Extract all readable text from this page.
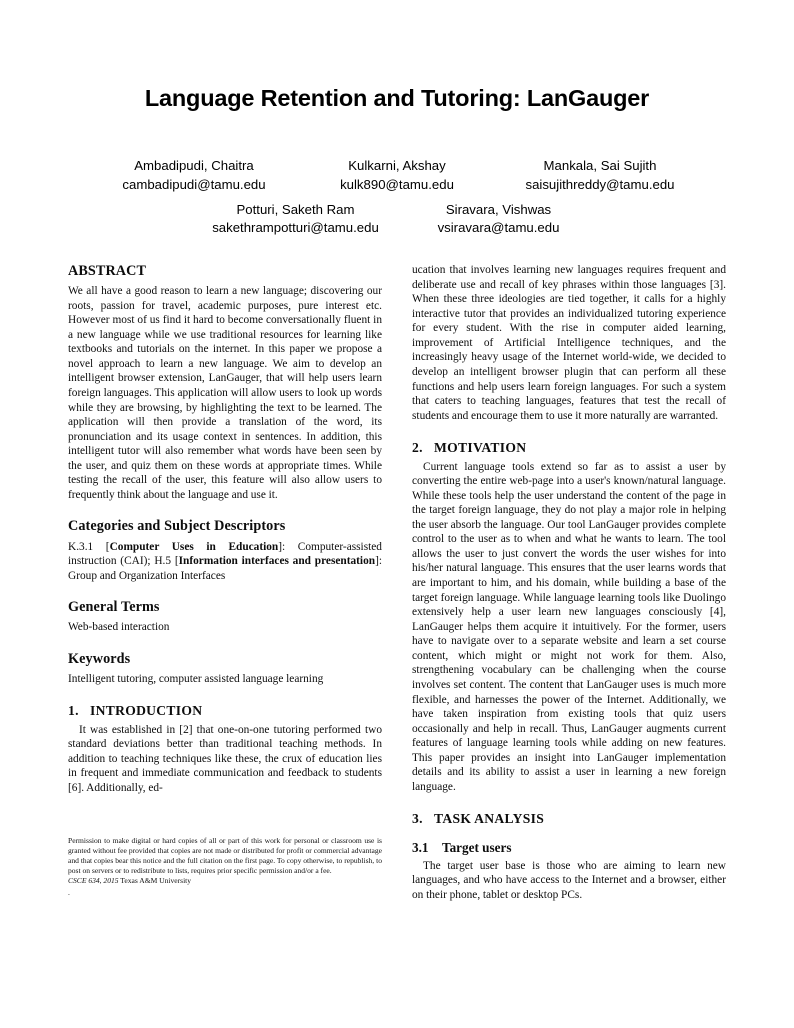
Language Retention and Tutoring: LanGauger
Ambadipudi, Chaitra
cambadipudi@tamu.edu
Kulkarni, Akshay
kulk890@tamu.edu
Mankala, Sai Sujith
saisujithreddy@tamu.edu
Potturi, Saketh Ram
sakethrampotturi@tamu.edu
Siravara, Vishwas
vsiravara@tamu.edu
ABSTRACT

We all have a good reason to learn a new language; discovering our roots, passion for travel, academic purposes, pure interest etc. However most of us find it hard to become conversationally fluent in a new language while we use traditional resources for learning like textbooks and tutorials on the internet. In this paper we propose a novel approach to learn a new language. We aim to develop an intelligent browser extension, LanGauger, that will help users learn foreign languages. This application will allow users to look up words while they are browsing, by highlighting the text to be learned. The application will then provide a translation of the word, its pronunciation and its usage context in sentences. In addition, this intelligent tutor will also remember what words have been seen by the user, and quiz them on these words at appropriate times. While testing the recall of the user, this feature will also allow users to frequently think about the language and use it.

Categories and Subject Descriptors

K.3.1 [Computer Uses in Education]: Computer-assisted instruction (CAI); H.5 [Information interfaces and presentation]: Group and Organization Interfaces

General Terms

Web-based interaction

Keywords

Intelligent tutoring, computer assisted language learning

1. INTRODUCTION

It was established in [2] that one-on-one tutoring performed two standard deviations better than traditional teaching methods. In addition to teaching techniques like these, the crux of education lies in frequent and immediate communication and feedback to students [6]. Additionally, ed-

ucation that involves learning new languages requires frequent and deliberate use and recall of key phrases within those languages [3]. When these three ideologies are tied together, it calls for a highly interactive tutor that provides an individualized tutoring experience for every student. With the rise in computer aided learning, improvement of Artificial Intelligence techniques, and the increasingly heavy usage of the Internet world-wide, we decided to develop an intelligent browser plugin that can perform all these functions and help users learn foreign languages. For such a system that caters to teaching languages, features that test the recall of students and encourage them to use it more naturally are warranted.

2. MOTIVATION

Current language tools extend so far as to assist a user by converting the entire web-page into a user's known/natural language. While these tools help the user understand the content of the page in the target foreign language, they do not play a major role in helping the user absorb the language. Our tool LanGauger provides complete control to the user as to when and what he wants to learn. The tool allows the user to just convert the words the user wishes for into his/her natural language. This ensures that the user learns words that are important to him, and his domain, while building a base of the target foreign language. While language learning tools like Duolingo extensively help a user learn new languages consciously [4], LanGauger helps them acquire it intuitively. For the former, users have to navigate over to a separate website and learn a set course content, which might or might not work for them. Also, strengthening vocabulary can be challenging when the course involves set content. The content that LanGauger uses is much more flexible, and harnesses the power of the Internet. Additionally, we have taken inspiration from existing tools that quiz users occasionally and help in recall. Thus, LanGauger augments current features of language learning tools while adding on new features. This paper provides an insight into LanGauger implementation details and its ability to assist a user in learning a new foreign language.

3. TASK ANALYSIS
3.1 Target users

The target user base is those who are aiming to learn new languages, and who have access to the Internet and a browser, either on their phone, tablet or desktop PCs.

Permission to make digital or hard copies of all or part of this work for personal or classroom use is granted without fee provided that copies are not made or distributed for profit or commercial advantage and that copies bear this notice and the full citation on the first page. To copy otherwise, to republish, to post on servers or to redistribute to lists, requires prior specific permission and/or a fee.
CSCE 634, 2015 Texas A&M University
.
